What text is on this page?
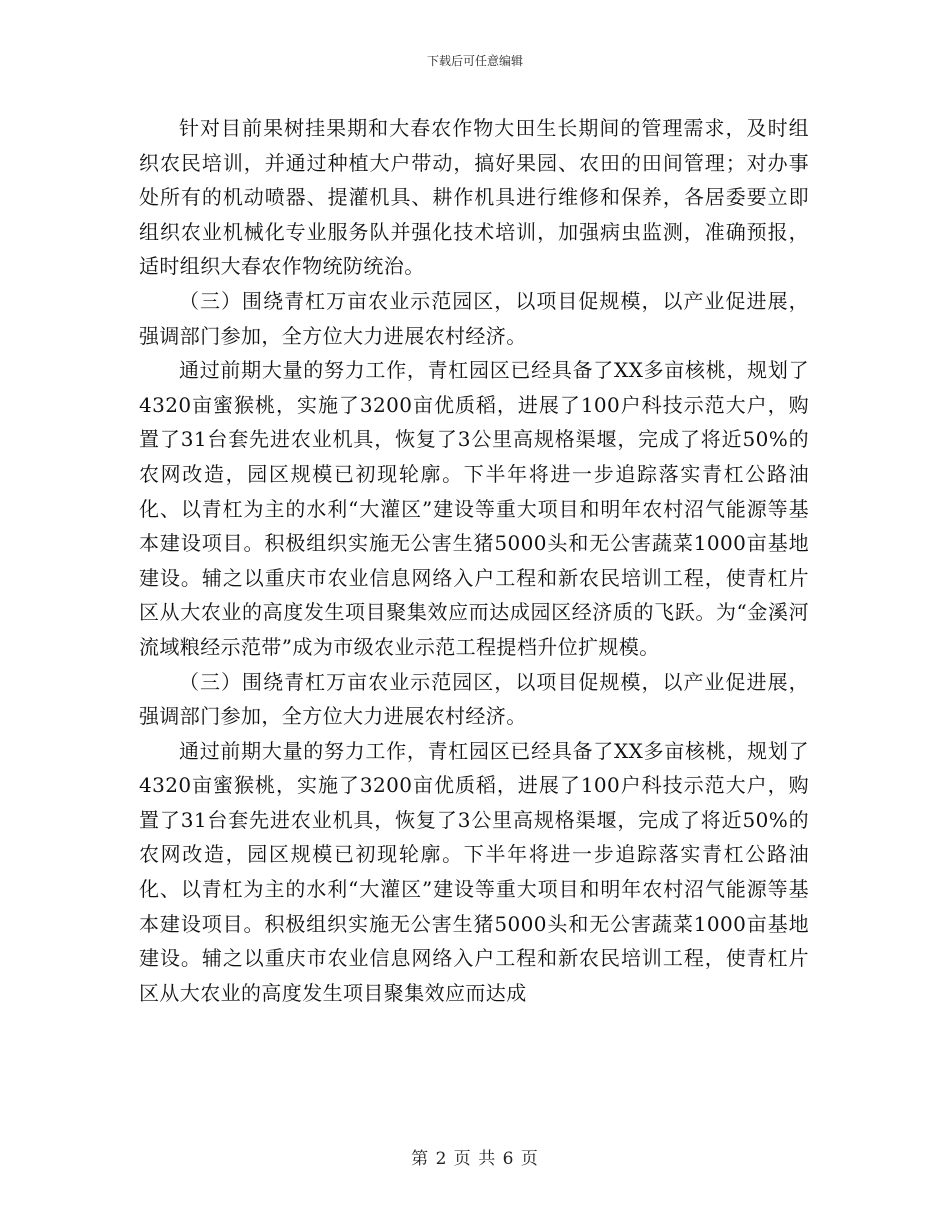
下载后可任意编辑

针对目前果树挂果期和大春农作物大田生长期间的管理需求，及时组织农民培训，并通过种植大户带动，搞好果园、农田的田间管理；对办事处所有的机动喷器、提灌机具、耕作机具进行维修和保养，各居委要立即组织农业机械化专业服务队并强化技术培训，加强病虫监测，准确预报，适时组织大春农作物统防统治。

（三）围绕青杠万亩农业示范园区，以项目促规模，以产业促进展，强调部门参加，全方位大力进展农村经济。

通过前期大量的努力工作，青杠园区已经具备了XX多亩核桃，规划了4320亩蜜猴桃，实施了3200亩优质稻，进展了100户科技示范大户，购置了31台套先进农业机具，恢复了3公里高规格渠堰，完成了将近50%的农网改造，园区规模已初现轮廓。下半年将进一步追踪落实青杠公路油化、以青杠为主的水利“大灌区”建设等重大项目和明年农村沼气能源等基本建设项目。积极组织实施无公害生猪5000头和无公害蔬菜1000亩基地建设。辅之以重庆市农业信息网络入户工程和新农民培训工程，使青杠片区从大农业的高度发生项目聚集效应而达成园区经济质的飞跃。为“金溪河流域粮经示范带”成为市级农业示范工程提档升位扩规模。

（三）围绕青杠万亩农业示范园区，以项目促规模，以产业促进展，强调部门参加，全方位大力进展农村经济。

通过前期大量的努力工作，青杠园区已经具备了XX多亩核桃，规划了4320亩蜜猴桃，实施了3200亩优质稻，进展了100户科技示范大户，购置了31台套先进农业机具，恢复了3公里高规格渠堰，完成了将近50%的农网改造，园区规模已初现轮廓。下半年将进一步追踪落实青杠公路油化、以青杠为主的水利“大灌区”建设等重大项目和明年农村沼气能源等基本建设项目。积极组织实施无公害生猪5000头和无公害蔬菜1000亩基地建设。辅之以重庆市农业信息网络入户工程和新农民培训工程，使青杠片区从大农业的高度发生项目聚集效应而达成

第 2 页 共 6 页
